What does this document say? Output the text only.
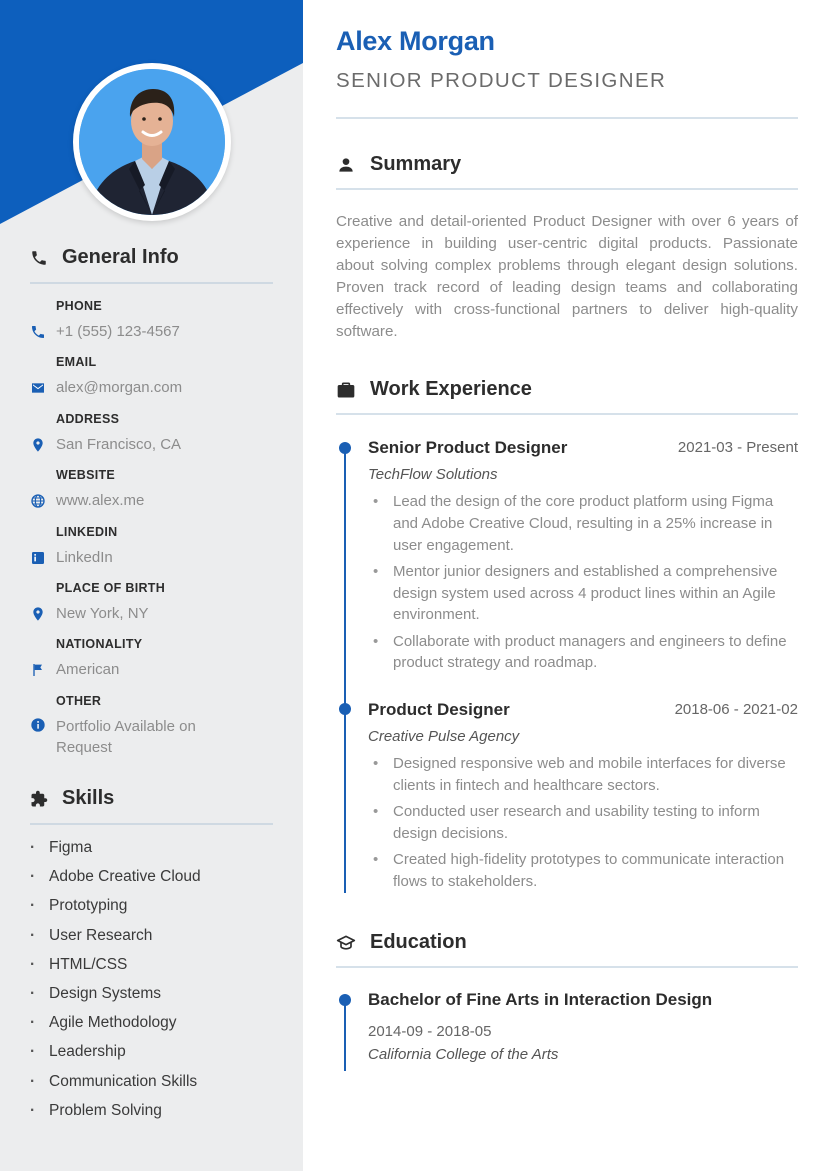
General Info
PHONE
+1 (555) 123-4567
EMAIL
alex@morgan.com
ADDRESS
San Francisco, CA
WEBSITE
www.alex.me
LINKEDIN
LinkedIn
PLACE OF BIRTH
New York, NY
NATIONALITY
American
OTHER
Portfolio Available on Request
Skills
· Figma
· Adobe Creative Cloud
· Prototyping
· User Research
· HTML/CSS
· Design Systems
· Agile Methodology
· Leadership
· Communication Skills
· Problem Solving
Alex Morgan
SENIOR PRODUCT DESIGNER
Summary

Creative and detail-oriented Product Designer with over 6 years of experience in building user-centric digital products. Passionate about solving complex problems through elegant design solutions. Proven track record of leading design teams and collaborating effectively with cross-functional partners to deliver high-quality software.

Work Experience
Senior Product Designer	2021-03 - Present
TechFlow Solutions
• Lead the design of the core product platform using Figma and Adobe Creative Cloud, resulting in a 25% increase in user engagement.
• Mentor junior designers and established a comprehensive design system used across 4 product lines within an Agile environment.
• Collaborate with product managers and engineers to define product strategy and roadmap.
Product Designer	2018-06 - 2021-02
Creative Pulse Agency
• Designed responsive web and mobile interfaces for diverse clients in fintech and healthcare sectors.
• Conducted user research and usability testing to inform design decisions.
• Created high-fidelity prototypes to communicate interaction flows to stakeholders.
Education
Bachelor of Fine Arts in Interaction Design
2014-09 - 2018-05
California College of the Arts
